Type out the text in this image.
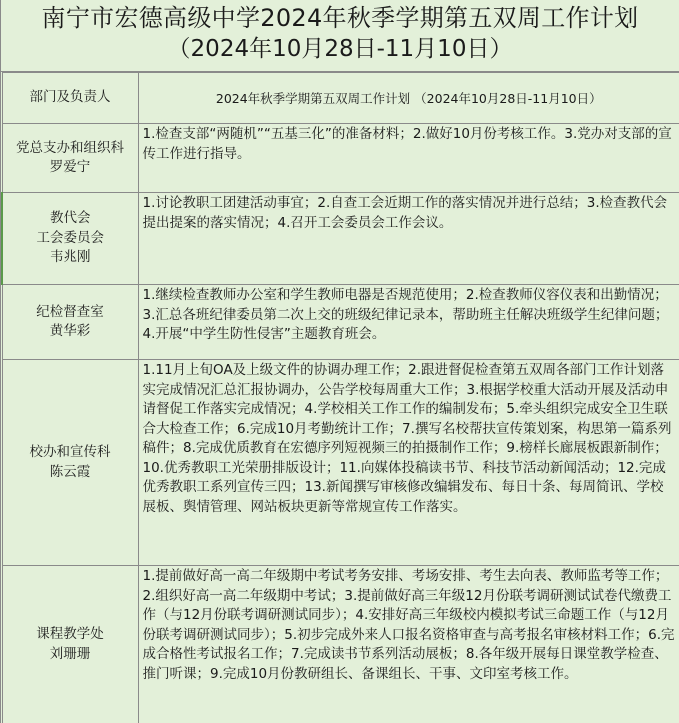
南宁市宏德高级中学2024年秋季学期第五双周工作计划
（2024年10月28日-11月10日）
部门及负责人	2024年秋季学期第五双周工作计划 （2024年10月28日-11月10日）

党总支办和组织科
罗爱宁	1.检查支部“两随机”“五基三化”的准备材料；2.做好10月份考核工作。3.党办对支部的宣传工作进行指导。

教代会
工会委员会
韦兆刚	1.讨论教职工团建活动事宜；2.自查工会近期工作的落实情况并进行总结；3.检查教代会提出提案的落实情况；4.召开工会委员会工作会议。

纪检督查室
黄华彩	1.继续检查教师办公室和学生教师电器是否规范使用；2.检查教师仪容仪表和出勤情况；3.汇总各班纪律委员第二次上交的班级纪律记录本，帮助班主任解决班级学生纪律问题；4.开展“中学生防性侵害”主题教育班会。

校办和宣传科
陈云霞	1.11月上旬OA及上级文件的协调办理工作；2.跟进督促检查第五双周各部门工作计划落实完成情况汇总汇报协调办，公告学校每周重大工作；3.根据学校重大活动开展及活动申请督促工作落实完成情况；4.学校相关工作工作的编制发布；5.牵头组织完成安全卫生联合大检查工作；6.完成10月考勤统计工作；7.撰写名校帮扶宣传策划案，构思第一篇系列稿件；8.完成优质教育在宏德序列短视频三的拍摄制作工作；9.榜样长廊展板跟新制作；10.优秀教职工光荣册排版设计；11.向媒体投稿读书节、科技节活动新闻活动；12.完成优秀教职工系列宣传三四；13.新闻撰写审核修改编辑发布、每日十条、每周简讯、学校展板、舆情管理、网站板块更新等常规宣传工作落实。

课程教学处
刘珊珊	1.提前做好高一高二年级期中考试考务安排、考场安排、考生去向表、教师监考等工作；2.组织好高一高二年级期中考试；3.提前做好高三年级12月份联考调研测试试卷代缴费工作（与12月份联考调研测试同步）；4.安排好高三年级校内模拟考试三命题工作（与12月份联考调研测试同步）；5.初步完成外来人口报名资格审查与高考报名审核材料工作；6.完成合格性考试报名工作；7.完成读书节系列活动展板；8.各年级开展每日课堂教学检查、推门听课；9.完成10月份教研组长、备课组长、干事、文印室考核工作。
